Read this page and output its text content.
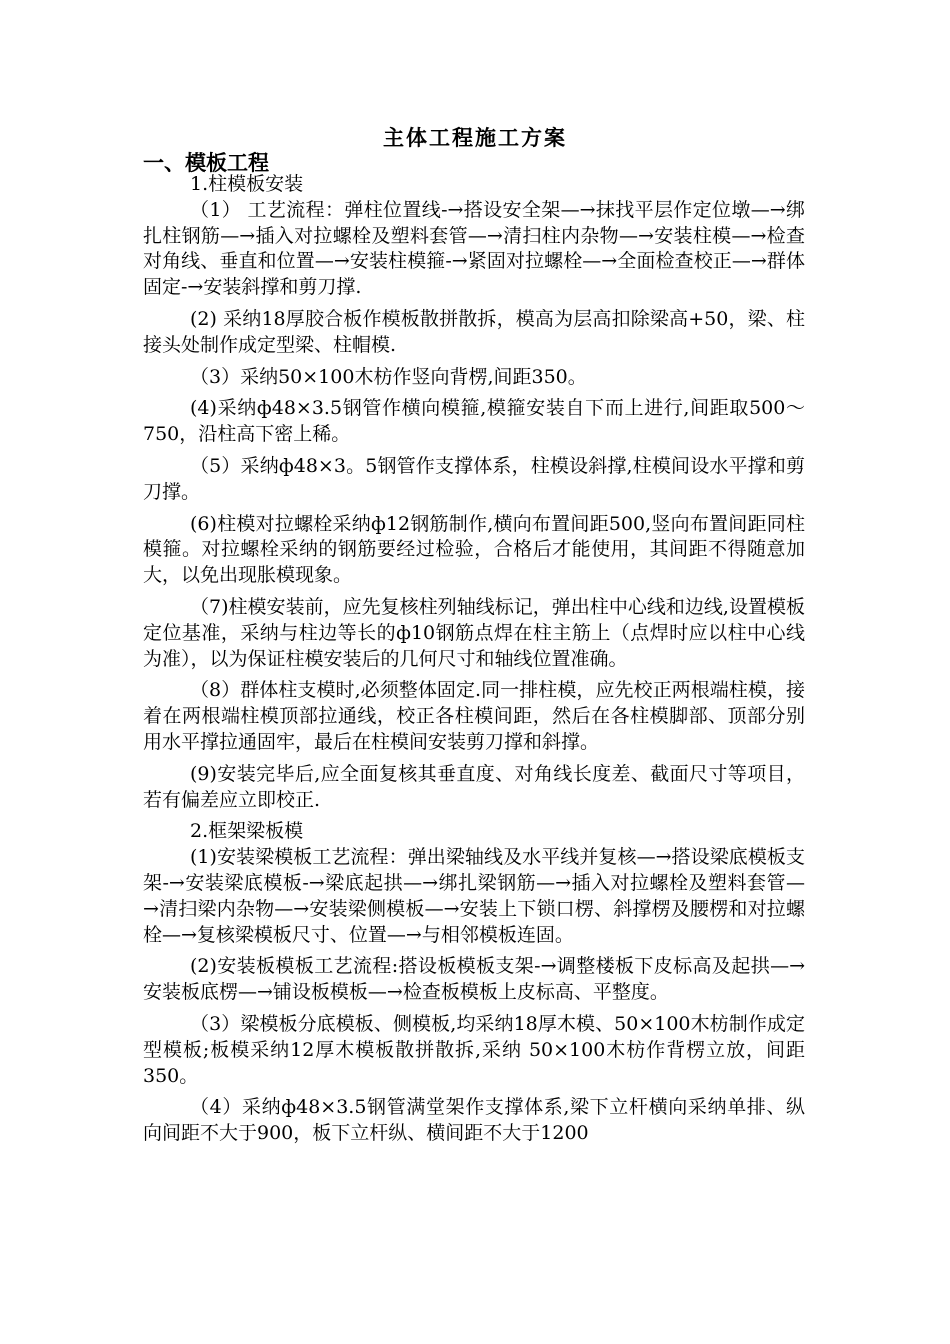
主体工程施工方案
一、模板工程

1.柱模板安装

（1） 工艺流程：弹柱位置线-→搭设安全架—→抹找平层作定位墩—→绑扎柱钢筋—→插入对拉螺栓及塑料套管—→清扫柱内杂物—→安装柱模—→检查对角线、垂直和位置—→安装柱模箍-→紧固对拉螺栓—→全面检查校正—→群体固定-→安装斜撑和剪刀撑.

(2) 采纳18厚胶合板作模板散拼散拆，模高为层高扣除梁高+50，梁、柱接头处制作成定型梁、柱帽模.

（3）采纳50×100木枋作竖向背楞,间距350。

(4)采纳ф48×3.5钢管作横向模箍,模箍安装自下而上进行,间距取500～750，沿柱高下密上稀。

（5）采纳ф48×3。5钢管作支撑体系，柱模设斜撑,柱模间设水平撑和剪刀撑。

(6)柱模对拉螺栓采纳ф12钢筋制作,横向布置间距500,竖向布置间距同柱模箍。对拉螺栓采纳的钢筋要经过检验，合格后才能使用，其间距不得随意加大，以免出现胀模现象。

（7)柱模安装前，应先复核柱列轴线标记，弹出柱中心线和边线,设置模板定位基准，采纳与柱边等长的ф10钢筋点焊在柱主筋上（点焊时应以柱中心线为准），以为保证柱模安装后的几何尺寸和轴线位置准确。

（8）群体柱支模时,必须整体固定.同一排柱模，应先校正两根端柱模，接着在两根端柱模顶部拉通线，校正各柱模间距，然后在各柱模脚部、顶部分别用水平撑拉通固牢，最后在柱模间安装剪刀撑和斜撑。

(9)安装完毕后,应全面复核其垂直度、对角线长度差、截面尺寸等项目，若有偏差应立即校正.

2.框架梁板模

(1)安装梁模板工艺流程：弹出梁轴线及水平线并复核—→搭设梁底模板支架-→安装梁底模板-→梁底起拱—→绑扎梁钢筋—→插入对拉螺栓及塑料套管—→清扫梁内杂物—→安装梁侧模板—→安装上下锁口楞、斜撑楞及腰楞和对拉螺栓—→复核梁模板尺寸、位置—→与相邻模板连固。

(2)安装板模板工艺流程:搭设板模板支架-→调整楼板下皮标高及起拱—→安装板底楞—→铺设板模板—→检查板模板上皮标高、平整度。

（3）梁模板分底模板、侧模板,均采纳18厚木模、50×100木枋制作成定型模板;板模采纳12厚木模板散拼散拆,采纳 50×100木枋作背楞立放，间距350。

（4）采纳ф48×3.5钢管满堂架作支撑体系,梁下立杆横向采纳单排、纵向间距不大于900，板下立杆纵、横间距不大于1200
